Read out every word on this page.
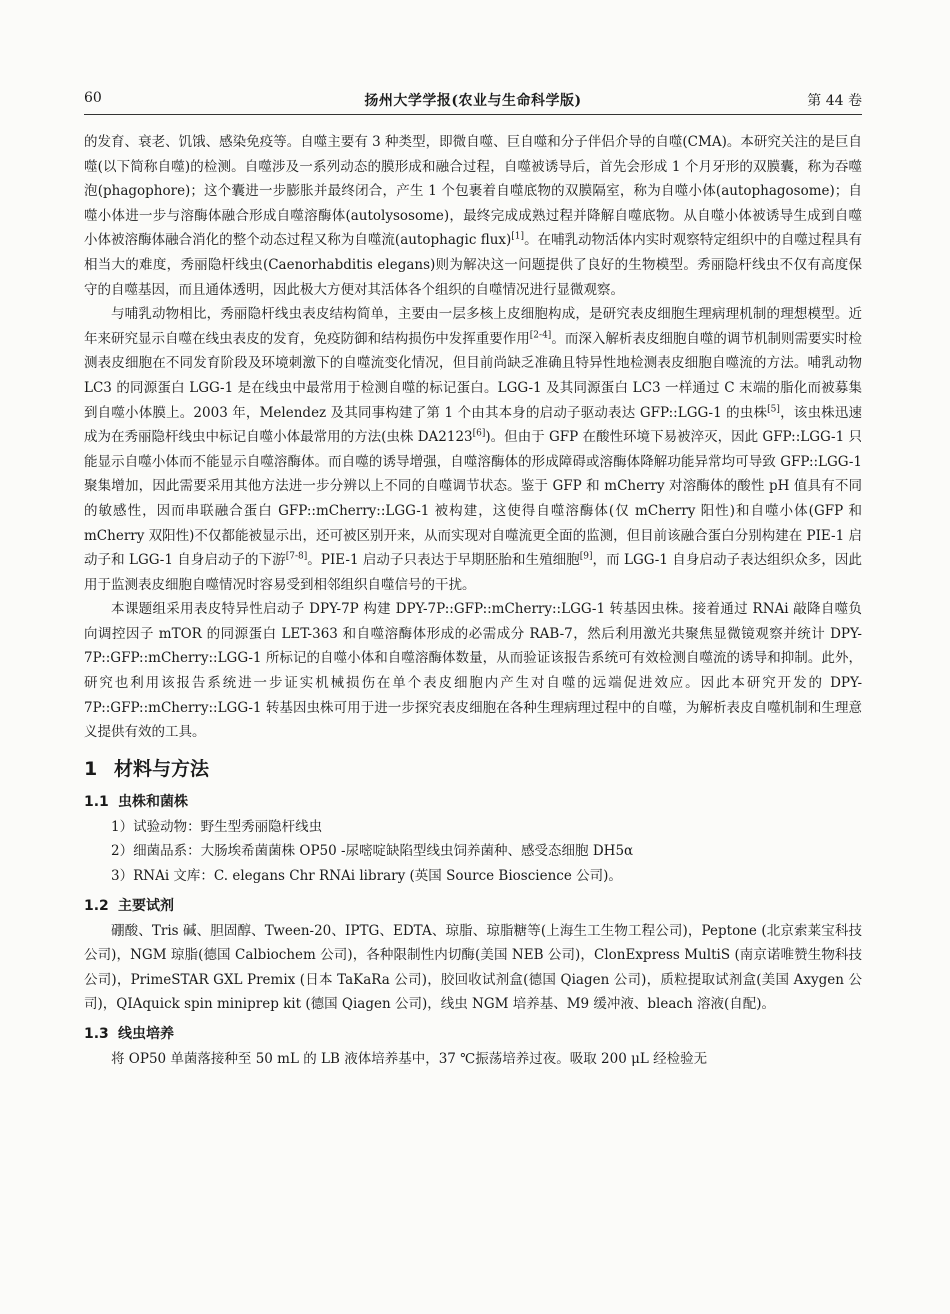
60	扬州大学学报(农业与生命科学版)	第 44 卷

的发育、衰老、饥饿、感染免疫等。自噬主要有 3 种类型，即微自噬、巨自噬和分子伴侣介导的自噬(CMA)。本研究关注的是巨自噬(以下简称自噬)的检测。自噬涉及一系列动态的膜形成和融合过程，自噬被诱导后，首先会形成 1 个月牙形的双膜囊，称为吞噬泡(phagophore)；这个囊进一步膨胀并最终闭合，产生 1 个包裹着自噬底物的双膜隔室，称为自噬小体(autophagosome)；自噬小体进一步与溶酶体融合形成自噬溶酶体(autolysosome)，最终完成成熟过程并降解自噬底物。从自噬小体被诱导生成到自噬小体被溶酶体融合消化的整个动态过程又称为自噬流(autophagic flux)[1]。在哺乳动物活体内实时观察特定组织中的自噬过程具有相当大的难度，秀丽隐杆线虫(Caenorhabditis elegans)则为解决这一问题提供了良好的生物模型。秀丽隐杆线虫不仅有高度保守的自噬基因，而且通体透明，因此极大方便对其活体各个组织的自噬情况进行显微观察。

与哺乳动物相比，秀丽隐杆线虫表皮结构简单，主要由一层多核上皮细胞构成，是研究表皮细胞生理病理机制的理想模型。近年来研究显示自噬在线虫表皮的发育，免疫防御和结构损伤中发挥重要作用[2-4]。而深入解析表皮细胞自噬的调节机制则需要实时检测表皮细胞在不同发育阶段及环境刺激下的自噬流变化情况，但目前尚缺乏准确且特异性地检测表皮细胞自噬流的方法。哺乳动物 LC3 的同源蛋白 LGG-1 是在线虫中最常用于检测自噬的标记蛋白。LGG-1 及其同源蛋白 LC3 一样通过 C 末端的脂化而被募集到自噬小体膜上。2003 年，Melendez 及其同事构建了第 1 个由其本身的启动子驱动表达 GFP::LGG-1 的虫株[5]，该虫株迅速成为在秀丽隐杆线虫中标记自噬小体最常用的方法(虫株 DA2123[6])。但由于 GFP 在酸性环境下易被淬灭，因此 GFP::LGG-1 只能显示自噬小体而不能显示自噬溶酶体。而自噬的诱导增强，自噬溶酶体的形成障碍或溶酶体降解功能异常均可导致 GFP::LGG-1 聚集增加，因此需要采用其他方法进一步分辨以上不同的自噬调节状态。鉴于 GFP 和 mCherry 对溶酶体的酸性 pH 值具有不同的敏感性，因而串联融合蛋白 GFP::mCherry::LGG-1 被构建，这使得自噬溶酶体(仅 mCherry 阳性)和自噬小体(GFP 和 mCherry 双阳性)不仅都能被显示出，还可被区别开来，从而实现对自噬流更全面的监测，但目前该融合蛋白分别构建在 PIE-1 启动子和 LGG-1 自身启动子的下游[7-8]。PIE-1 启动子只表达于早期胚胎和生殖细胞[9]，而 LGG-1 自身启动子表达组织众多，因此用于监测表皮细胞自噬情况时容易受到相邻组织自噬信号的干扰。

本课题组采用表皮特异性启动子 DPY-7P 构建 DPY-7P::GFP::mCherry::LGG-1 转基因虫株。接着通过 RNAi 敲降自噬负向调控因子 mTOR 的同源蛋白 LET-363 和自噬溶酶体形成的必需成分 RAB-7，然后利用激光共聚焦显微镜观察并统计 DPY-7P::GFP::mCherry::LGG-1 所标记的自噬小体和自噬溶酶体数量，从而验证该报告系统可有效检测自噬流的诱导和抑制。此外，研究也利用该报告系统进一步证实机械损伤在单个表皮细胞内产生对自噬的远端促进效应。因此本研究开发的 DPY-7P::GFP::mCherry::LGG-1 转基因虫株可用于进一步探究表皮细胞在各种生理病理过程中的自噬，为解析表皮自噬机制和生理意义提供有效的工具。

1 材料与方法
1.1 虫株和菌株

1）试验动物：野生型秀丽隐杆线虫

2）细菌品系：大肠埃希菌菌株 OP50 -尿嘧啶缺陷型线虫饲养菌种、感受态细胞 DH5α

3）RNAi 文库：C. elegans Chr RNAi library (英国 Source Bioscience 公司)。

1.2 主要试剂

硼酸、Tris 碱、胆固醇、Tween-20、IPTG、EDTA、琼脂、琼脂糖等(上海生工生物工程公司)，Peptone (北京索莱宝科技公司)，NGM 琼脂(德国 Calbiochem 公司)，各种限制性内切酶(美国 NEB 公司)，ClonExpress MultiS (南京诺唯赞生物科技公司)，PrimeSTAR GXL Premix (日本 TaKaRa 公司)，胶回收试剂盒(德国 Qiagen 公司)，质粒提取试剂盒(美国 Axygen 公司)，QIAquick spin miniprep kit (德国 Qiagen 公司)，线虫 NGM 培养基、M9 缓冲液、bleach 溶液(自配)。

1.3 线虫培养

将 OP50 单菌落接种至 50 mL 的 LB 液体培养基中，37 ℃振荡培养过夜。吸取 200 μL 经检验无
